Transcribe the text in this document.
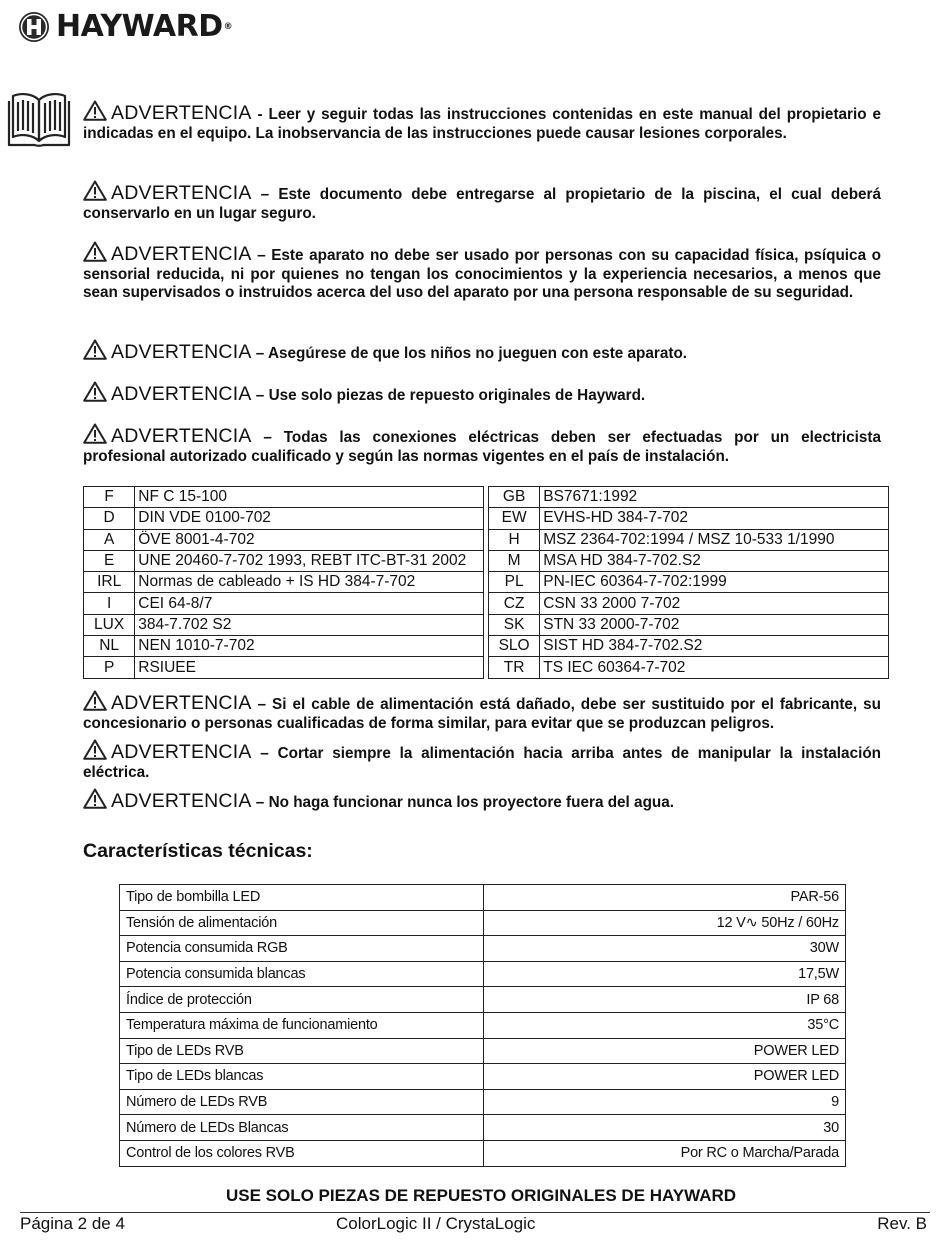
HAYWARD®

ADVERTENCIA - Leer y seguir todas las instrucciones contenidas en este manual del propietario e indicadas en el equipo. La inobservancia de las instrucciones puede causar lesiones corporales.

ADVERTENCIA – Este documento debe entregarse al propietario de la piscina, el cual deberá conservarlo en un lugar seguro.

ADVERTENCIA – Este aparato no debe ser usado por personas con su capacidad física, psíquica o sensorial reducida, ni por quienes no tengan los conocimientos y la experiencia necesarios, a menos que sean supervisados o instruidos acerca del uso del aparato por una persona responsable de su seguridad.

ADVERTENCIA – Asegúrese de que los niños no jueguen con este aparato.

ADVERTENCIA – Use solo piezas de repuesto originales de Hayward.

ADVERTENCIA – Todas las conexiones eléctricas deben ser efectuadas por un electricista profesional autorizado cualificado y según las normas vigentes en el país de instalación.

ADVERTENCIA – Si el cable de alimentación está dañado, debe ser sustituido por el fabricante, su concesionario o personas cualificadas de forma similar, para evitar que se produzcan peligros.

ADVERTENCIA – Cortar siempre la alimentación hacia arriba antes de manipular la instalación eléctrica.

ADVERTENCIA – No haga funcionar nunca los proyectore fuera del agua.

F	NF C 15-100		GB	BS7671:1992
D	DIN VDE 0100-702		EW	EVHS-HD 384-7-702
A	ÖVE 8001-4-702		H	MSZ 2364-702:1994 / MSZ 10-533 1/1990
E	UNE 20460-7-702 1993, REBT ITC-BT-31 2002		M	MSA HD 384-7-702.S2
IRL	Normas de cableado + IS HD 384-7-702		PL	PN-IEC 60364-7-702:1999
I	CEI 64-8/7		CZ	CSN 33 2000 7-702
LUX	384-7.702 S2		SK	STN 33 2000-7-702
NL	NEN 1010-7-702		SLO	SIST HD 384-7-702.S2
P	RSIUEE		TR	TS IEC 60364-7-702
Características técnicas:
Tipo de bombilla LED	PAR-56
Tensión de alimentación	12 V∿ 50Hz / 60Hz
Potencia consumida RGB	30W
Potencia consumida blancas	17,5W
Índice de protección	IP 68
Temperatura máxima de funcionamiento	35°C
Tipo de LEDs RVB	POWER LED
Tipo de LEDs blancas	POWER LED
Número de LEDs RVB	9
Número de LEDs Blancas	30
Control de los colores RVB	Por RC o Marcha/Parada
USE SOLO PIEZAS DE REPUESTO ORIGINALES DE HAYWARD
Página 2 de 4	ColorLogic II / CrystaLogic	Rev. B
